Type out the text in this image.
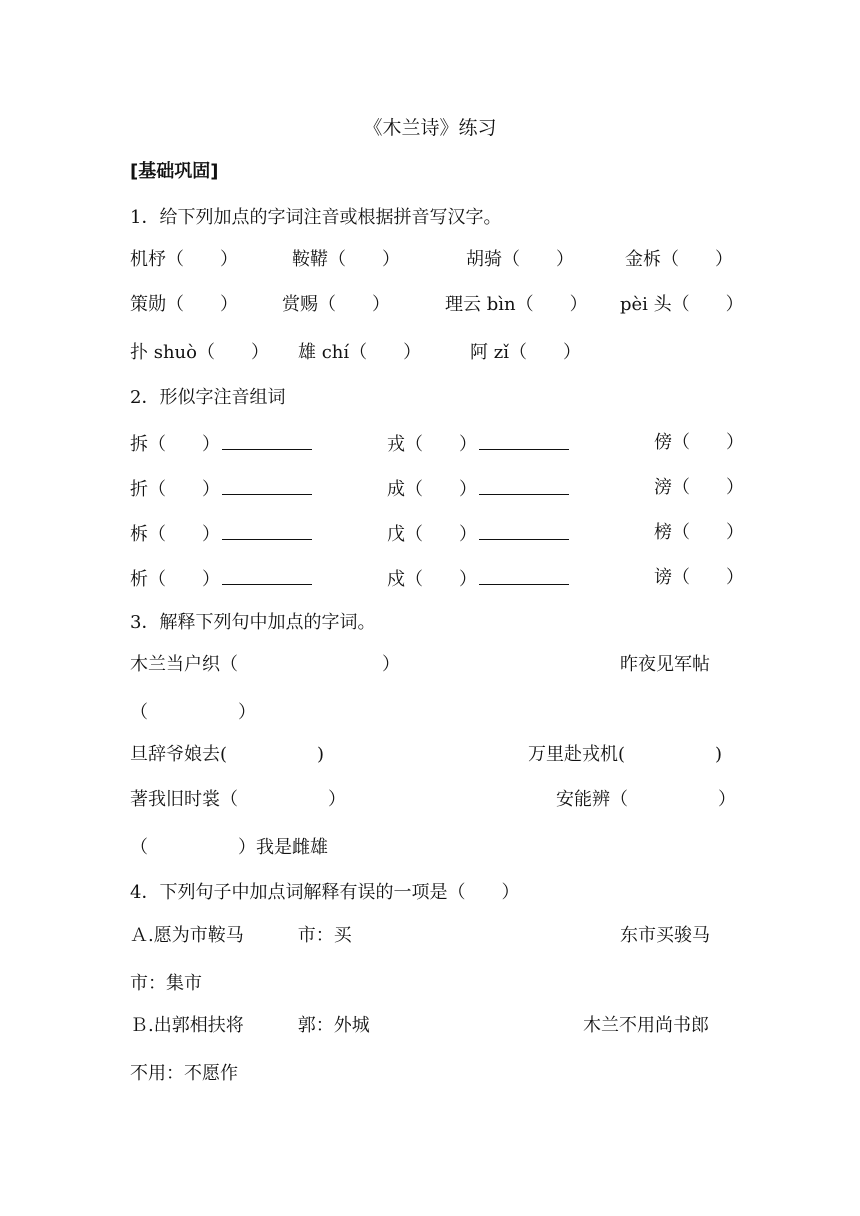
《木兰诗》练习
[基础巩固]
1．给下列加点的字词注音或根据拼音写汉字。
机杼（　　）	鞍鞯（　　）	胡骑（　　）	金柝（　　）
策勋（　　） 赏赐（　　）	理云 bìn（　　） pèi 头（　　）
扑 shuò（　　） 雄 chí（　　）	阿 zǐ（　　）
2．形似字注音组词
拆（　　）	戎（　　）	傍（　　）
折（　　）	成（　　）	滂（　　）
柝（　　）	戊（　　）	榜（　　）
析（　　）	戍（　　）	谤（　　）
3．解释下列句中加点的字词。
木兰当户织（　　　　　　　　）	昨夜见军帖
（　　　　　）
旦辞爷娘去(　　　　　)	万里赴戎机(　　　　　)
著我旧时裳（　　　　　）	安能辨（　　　　　）
（　　　　　）我是雌雄
4．下列句子中加点词解释有误的一项是（　　）
Ａ.愿为市鞍马　　　市：买	东市买骏马
市：集市
Ｂ.出郭相扶将　　　郭：外城	木兰不用尚书郎
不用：不愿作
